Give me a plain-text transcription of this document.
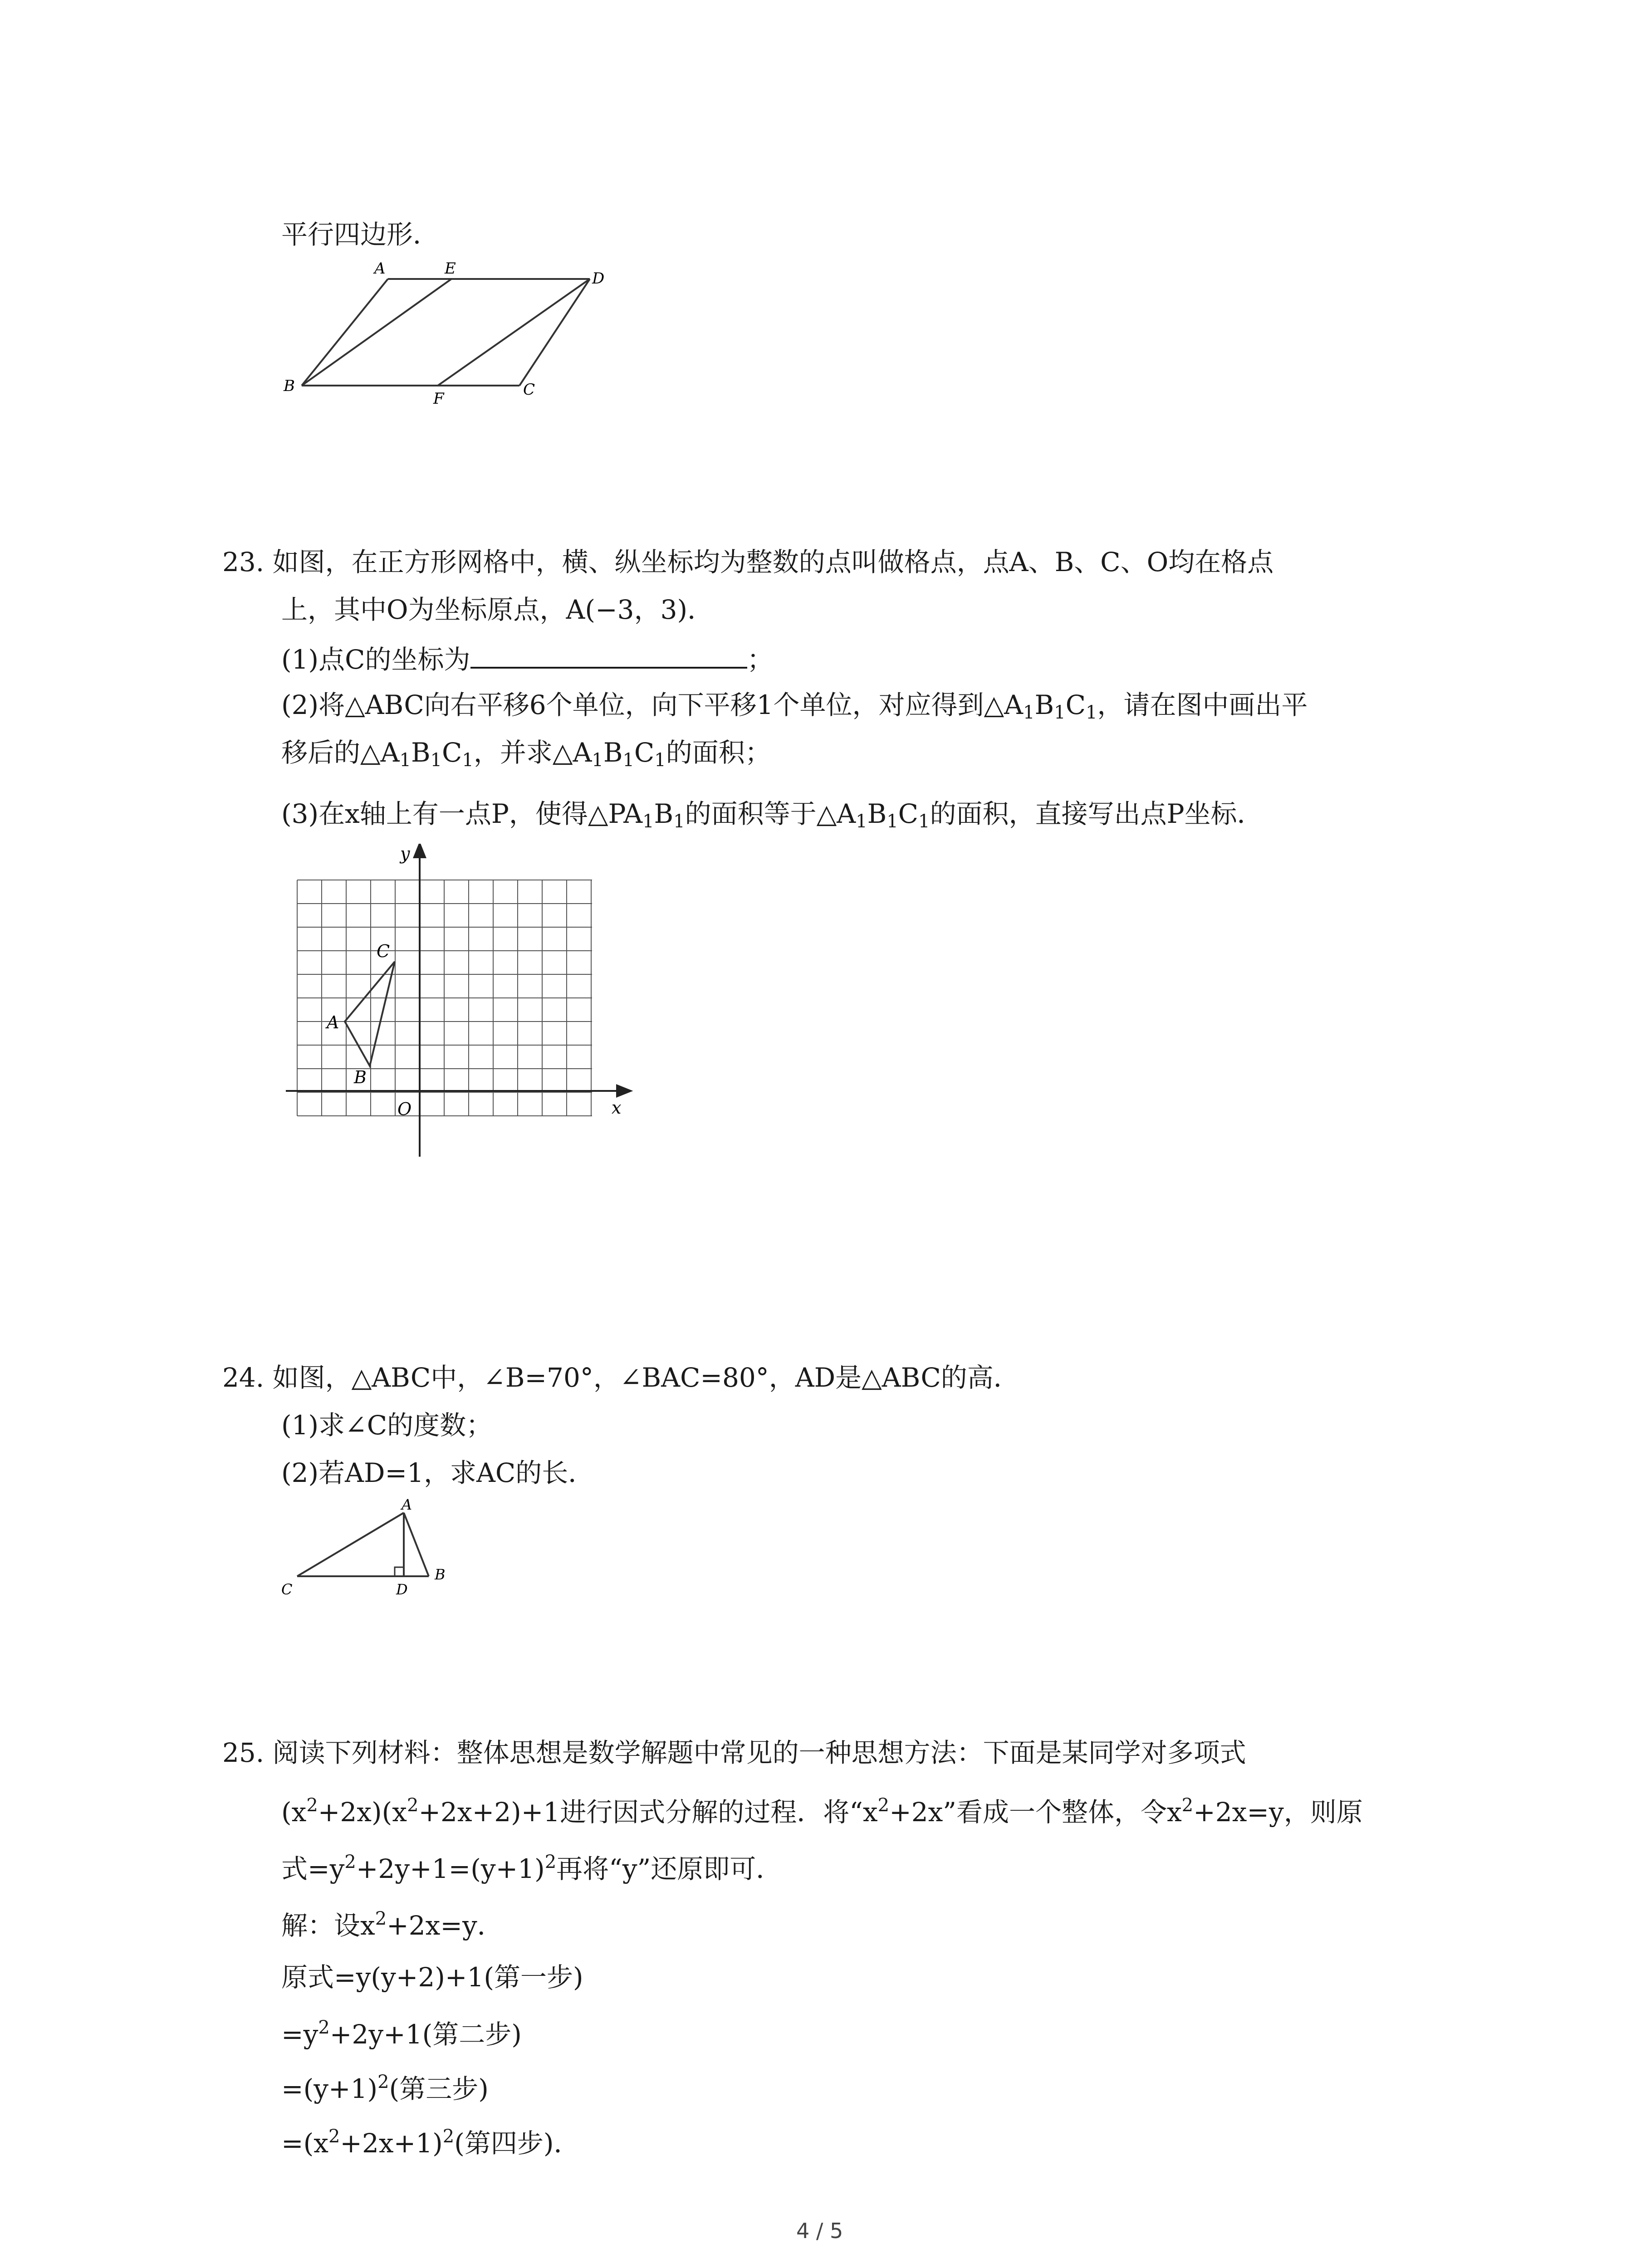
平行四边形．
A	E
D
B
F	C
23. 如图，在正方形网格中，横、纵坐标均为整数的点叫做格点，点A、B、C、O均在格点
上，其中O为坐标原点，A(−3，3)．
(1)点C的坐标为	；
(2)将△ABC向右平移6个单位，向下平移1个单位，对应得到$\triangle A_1B_1C_1$，请在图中画出平
移后的$\triangle A_1B_1C_1$，并求$\triangle A_1B_1C_1$的面积；
(3)在x轴上有一点P，使得$\triangle PA_1B_1$的面积等于$\triangle A_1B_1C_1$的面积，直接写出点P坐标．
y
x
O
A
B
C
24. 如图，△ABC中，∠B=70°，∠BAC=80°，AD是△ABC的高．
(1)求∠C的度数；
(2)若AD=1，求AC的长．
A
B
C	D
25. 阅读下列材料：整体思想是数学解题中常见的一种思想方法：下面是某同学对多项式
$(x^2+2x)(x^2+2x+2)+1$进行因式分解的过程．将“$x^2+2x$”看成一个整体，令$x^2+2x=y$，则原
式$=y^2+2y+1=(y+1)^2$再将“y”还原即可．
解：设$x^2+2x=y$．
原式=y(y+2)+1(第一步)
$=y^2+2y+1$(第二步)
$=(y+1)^2$(第三步)
$=(x^2+2x+1)^2$(第四步)．
4 / 5
